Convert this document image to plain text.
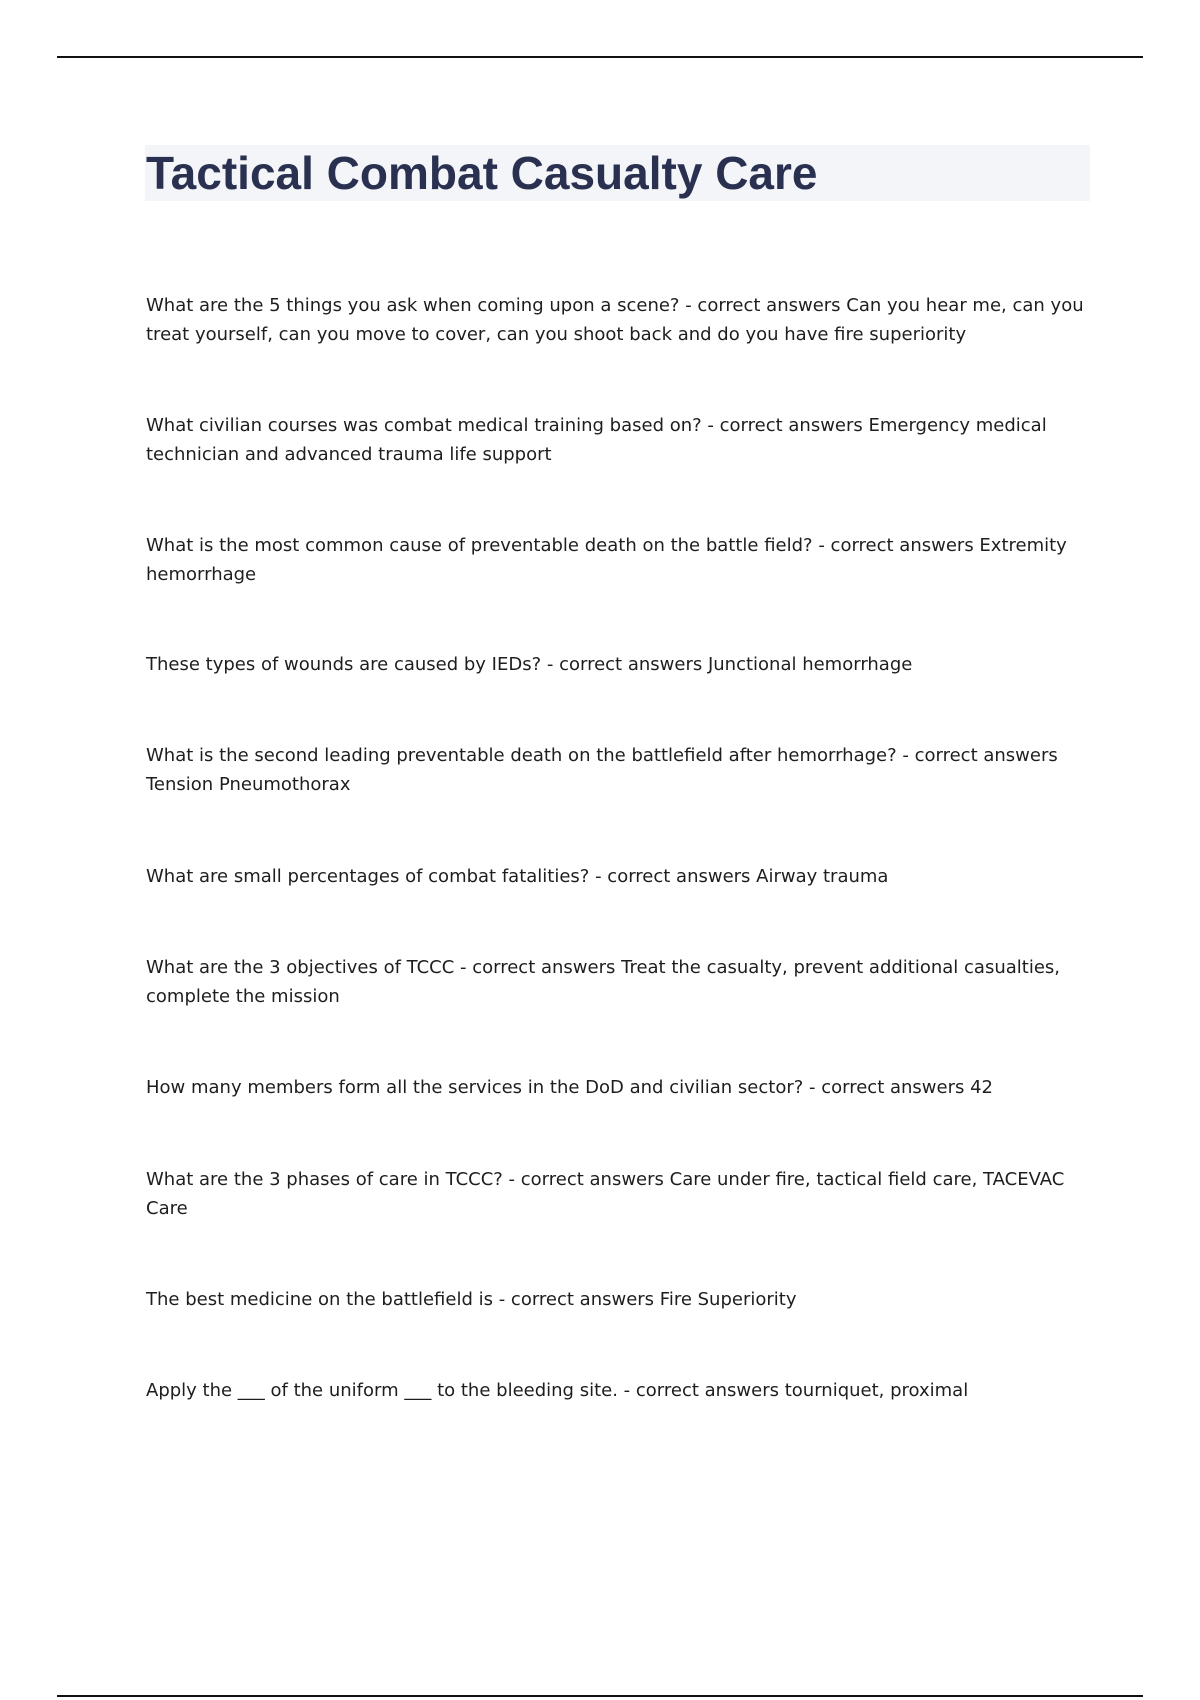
Tactical Combat Casualty Care

What are the 5 things you ask when coming upon a scene? - correct answers Can you hear me, can you treat yourself, can you move to cover, can you shoot back and do you have fire superiority

What civilian courses was combat medical training based on? - correct answers Emergency medical technician and advanced trauma life support

What is the most common cause of preventable death on the battle field? - correct answers Extremity hemorrhage

These types of wounds are caused by IEDs? - correct answers Junctional hemorrhage

What is the second leading preventable death on the battlefield after hemorrhage? - correct answers Tension Pneumothorax

What are small percentages of combat fatalities? - correct answers Airway trauma

What are the 3 objectives of TCCC - correct answers Treat the casualty, prevent additional casualties, complete the mission

How many members form all the services in the DoD and civilian sector? - correct answers 42

What are the 3 phases of care in TCCC? - correct answers Care under fire, tactical field care, TACEVAC Care

The best medicine on the battlefield is - correct answers Fire Superiority

Apply the ___ of the uniform ___ to the bleeding site. - correct answers tourniquet, proximal
